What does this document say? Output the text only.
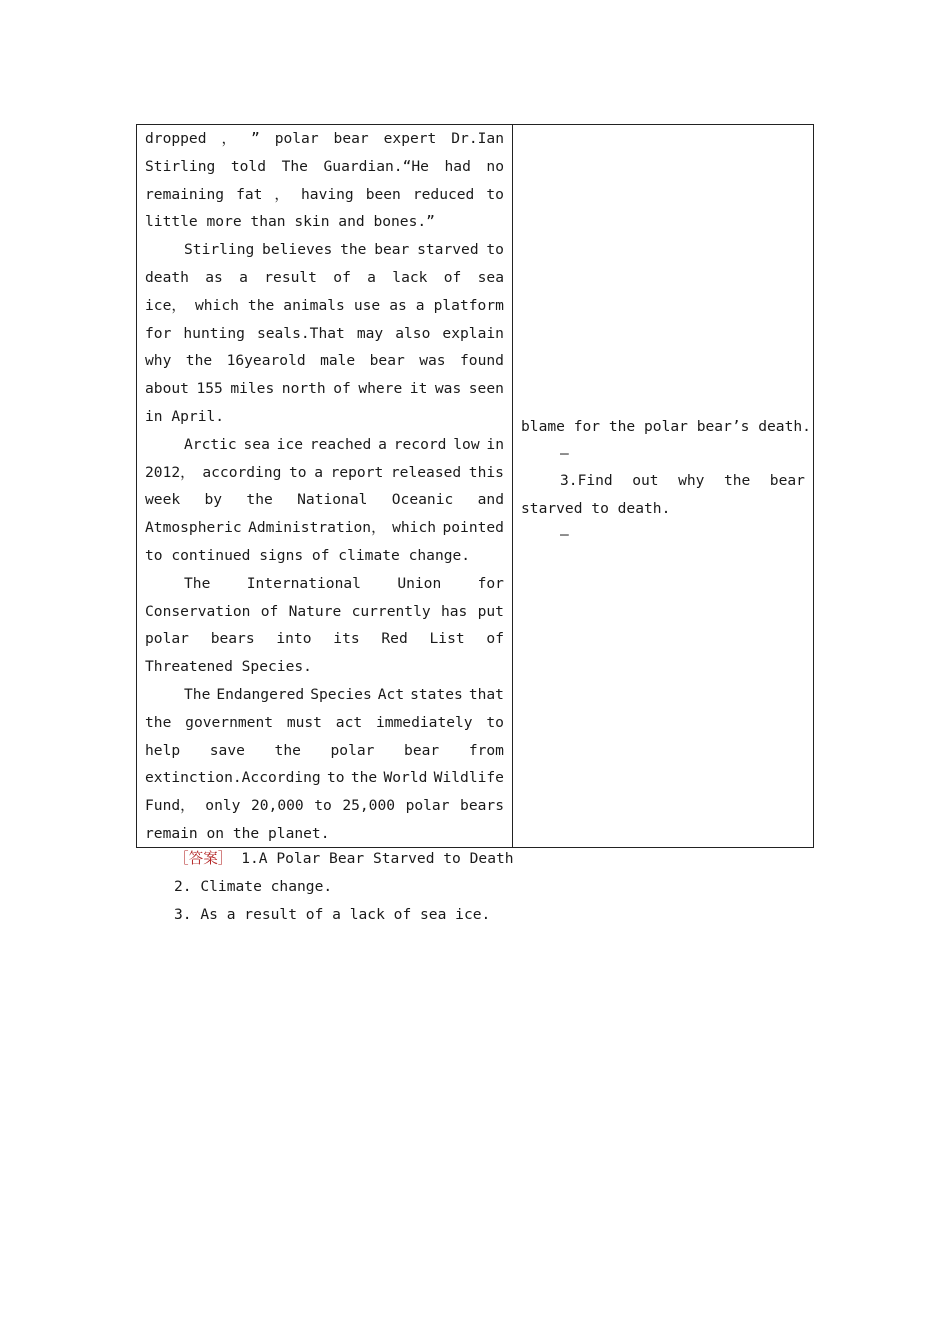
dropped ， ” polar bear expert Dr.Ian
Stirling told The Guardian.“He had no
remaining fat ， having been reduced to
little more than skin and bones.”
Stirling believes the bear starved to
death as a result of a lack of sea
ice， which the animals use as a platform
for hunting seals.That may also explain
why the 16yearold male bear was found
about 155 miles north of where it was seen
in April.
Arctic sea ice reached a record low in
2012， according to a report released this
week by the National Oceanic and
Atmospheric Administration， which pointed
to continued signs of climate change.
The International Union for
Conservation of Nature currently has put
polar bears into its Red List of
Threatened Species.
The Endangered Species Act states that
the government must act immediately to
help save the polar bear from
extinction.According to the World Wildlife
Fund， only 20,000 to 25,000 polar bears
remain on the planet.
blame for the polar bear’s death.
—
3.Find out why the bear
starved to death.
—
［答案］ 1.A Polar Bear Starved to Death
2. Climate change.
3. As a result of a lack of sea ice.
